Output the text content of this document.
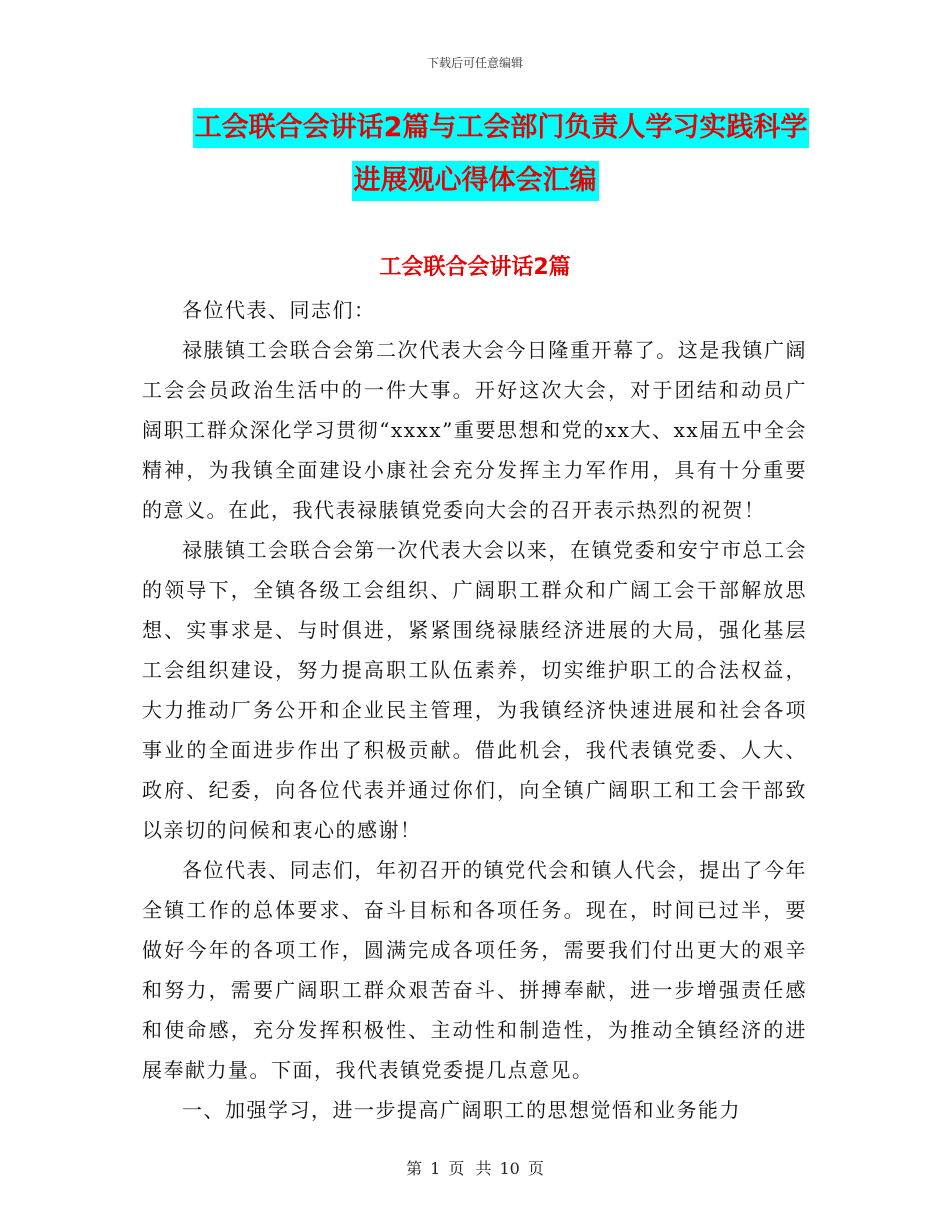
下载后可任意编辑
工会联合会讲话2篇与工会部门负责人学习实践科学
进展观心得体会汇编
工会联合会讲话2篇

各位代表、同志们：

禄脿镇工会联合会第二次代表大会今日隆重开幕了。这是我镇广阔工会会员政治生活中的一件大事。开好这次大会，对于团结和动员广阔职工群众深化学习贯彻“xxxx”重要思想和党的xx大、xx届五中全会精神，为我镇全面建设小康社会充分发挥主力军作用，具有十分重要的意义。在此，我代表禄脿镇党委向大会的召开表示热烈的祝贺！

禄脿镇工会联合会第一次代表大会以来，在镇党委和安宁市总工会的领导下，全镇各级工会组织、广阔职工群众和广阔工会干部解放思想、实事求是、与时俱进，紧紧围绕禄脿经济进展的大局，强化基层工会组织建设，努力提高职工队伍素养，切实维护职工的合法权益，大力推动厂务公开和企业民主管理，为我镇经济快速进展和社会各项事业的全面进步作出了积极贡献。借此机会，我代表镇党委、人大、政府、纪委，向各位代表并通过你们，向全镇广阔职工和工会干部致以亲切的问候和衷心的感谢！

各位代表、同志们，年初召开的镇党代会和镇人代会，提出了今年全镇工作的总体要求、奋斗目标和各项任务。现在，时间已过半，要做好今年的各项工作，圆满完成各项任务，需要我们付出更大的艰辛和努力，需要广阔职工群众艰苦奋斗、拼搏奉献，进一步增强责任感和使命感，充分发挥积极性、主动性和制造性，为推动全镇经济的进展奉献力量。下面，我代表镇党委提几点意见。

一、加强学习，进一步提高广阔职工的思想觉悟和业务能力

第 1 页 共 10 页
